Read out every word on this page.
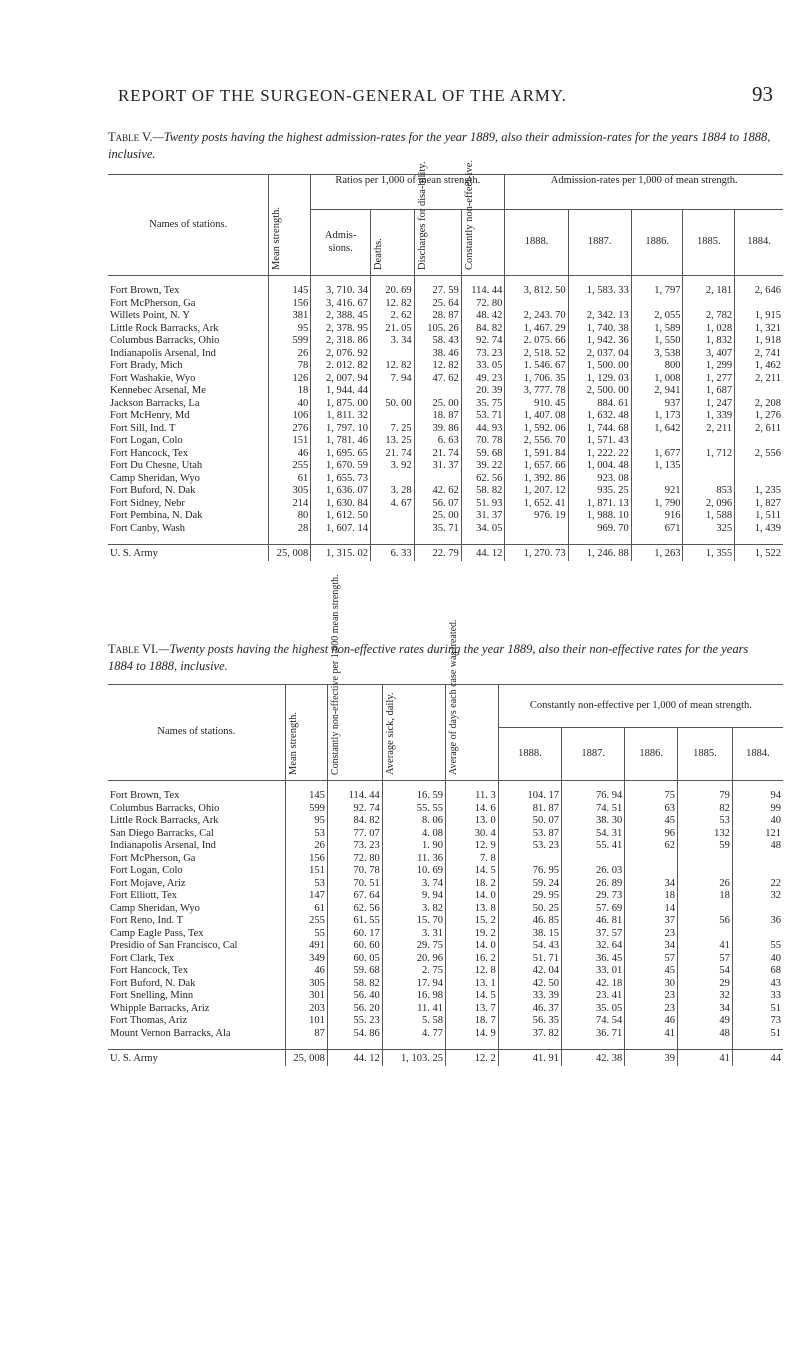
REPORT OF THE SURGEON-GENERAL OF THE ARMY.	93
Table V.—Twenty posts having the highest admission-rates for the year 1889, also their admission-rates for the years 1884 to 1888, inclusive.
Names of stations.	Mean strength.	Ratios per 1,000 of mean strength.				Admission-rates per 1,000 of mean strength.				
		Admis-sions.	Deaths.	Discharges for disa-bility.	Constantly non-effect-ive.	1888.	1887.	1886.	1885.	1884.

Fort Brown, Tex	145	3, 710. 34	20. 69	27. 59	114. 44	3, 812. 50	1, 583. 33	1, 797	2, 181	2, 646
Fort McPherson, Ga	156	3, 416. 67	12. 82	25. 64	72. 80					
Willets Point, N. Y	381	2, 388. 45	2. 62	28. 87	48. 42	2, 243. 70	2, 342. 13	2, 055	2, 782	1, 915
Little Rock Barracks, Ark	95	2, 378. 95	21. 05	105. 26	84. 82	1, 467. 29	1, 740. 38	1, 589	1, 028	1, 321
Columbus Barracks, Ohio	599	2, 318. 86	3. 34	58. 43	92. 74	2. 075. 66	1, 942. 36	1, 550	1, 832	1, 918
Indianapolis Arsenal, Ind	26	2, 076. 92		38. 46	73. 23	2, 518. 52	2, 037. 04	3, 538	3, 407	2, 741
Fort Brady, Mich	78	2. 012. 82	12. 82	12. 82	33. 05	1. 546. 67	1, 500. 00	800	1, 299	1, 462
Fort Washakie, Wyo	126	2, 007. 94	7. 94	47. 62	49. 23	1, 706. 35	1, 129. 03	1, 008	1, 277	2, 211
Kennebec Arsenal, Me	18	1, 944. 44			20. 39	3, 777. 78	2, 500. 00	2, 941	1, 687	
Jackson Barracks, La	40	1, 875. 00	50. 00	25. 00	35. 75	910. 45	884. 61	937	1, 247	2, 208
Fort McHenry, Md	106	1, 811. 32		18. 87	53. 71	1, 407. 08	1, 632. 48	1, 173	1, 339	1, 276
Fort Sill, Ind. T	276	1, 797. 10	7. 25	39. 86	44. 93	1, 592. 06	1, 744. 68	1, 642	2, 211	2, 611
Fort Logan, Colo	151	1, 781. 46	13. 25	6. 63	70. 78	2, 556. 70	1, 571. 43			
Fort Hancock, Tex	46	1, 695. 65	21. 74	21. 74	59. 68	1, 591. 84	1, 222. 22	1, 677	1, 712	2, 556
Fort Du Chesne, Utah	255	1, 670. 59	3. 92	31. 37	39. 22	1, 657. 66	1, 004. 48	1, 135		
Camp Sheridan, Wyo	61	1, 655. 73			62. 56	1, 392. 86	923. 08			
Fort Buford, N. Dak	305	1, 636. 07	3. 28	42. 62	58. 82	1, 207. 12	935. 25	921	853	1, 235
Fort Sidney, Nebr	214	1, 630. 84	4. 67	56. 07	51. 93	1, 652. 41	1, 871. 13	1, 790	2, 096	1, 827
Fort Pembina, N. Dak	80	1, 612. 50		25. 00	31. 37	976. 19	1, 988. 10	916	1, 588	1, 511
Fort Canby, Wash	28	1, 607. 14		35. 71	34. 05		969. 70	671	325	1, 439

U. S. Army	25, 008	1, 315. 02	6. 33	22. 79	44. 12	1, 270. 73	1, 246. 88	1, 263	1, 355	1, 522
Table VI.—Twenty posts having the highest non-effective rates during the year 1889, also their non-effective rates for the years 1884 to 1888, inclusive.
Names of stations.	Mean strength.	Constantly non-effective per 1,000 mean strength.	Average sick, daily.	Average of days each case was treated.	Constantly non-effective per 1,000 of mean strength.				
					1888.	1887.	1886.	1885.	1884.

Fort Brown, Tex	145	114. 44	16. 59	11. 3	104. 17	76. 94	75	79	94
Columbus Barracks, Ohio	599	92. 74	55. 55	14. 6	81. 87	74. 51	63	82	99
Little Rock Barracks, Ark	95	84. 82	8. 06	13. 0	50. 07	38. 30	45	53	40
San Diego Barracks, Cal	53	77. 07	4. 08	30. 4	53. 87	54. 31	96	132	121
Indianapolis Arsenal, Ind	26	73. 23	1. 90	12. 9	53. 23	55. 41	62	59	48
Fort McPherson, Ga	156	72. 80	11. 36	7. 8					
Fort Logan, Colo	151	70. 78	10. 69	14. 5	76. 95	26. 03			
Fort Mojave, Ariz	53	70. 51	3. 74	18. 2	59. 24	26. 89	34	26	22
Fort Elliott, Tex	147	67. 64	9. 94	14. 0	29. 95	29. 73	18	18	32
Camp Sheridan, Wyo	61	62. 56	3. 82	13. 8	50. 25	57. 69	14		
Fort Reno, Ind. T	255	61. 55	15. 70	15. 2	46. 85	46. 81	37	56	36
Camp Eagle Pass, Tex	55	60. 17	3. 31	19. 2	38. 15	37. 57	23		
Presidio of San Francisco, Cal	491	60. 60	29. 75	14. 0	54. 43	32. 64	34	41	55
Fort Clark, Tex	349	60. 05	20. 96	16. 2	51. 71	36. 45	57	57	40
Fort Hancock, Tex	46	59. 68	2. 75	12. 8	42. 04	33. 01	45	54	68
Fort Buford, N. Dak	305	58. 82	17. 94	13. 1	42. 50	42. 18	30	29	43
Fort Snelling, Minn	301	56. 40	16. 98	14. 5	33. 39	23. 41	23	32	33
Whipple Barracks, Ariz	203	56. 20	11. 41	13. 7	46. 37	35. 05	23	34	51
Fort Thomas, Ariz	101	55. 23	5. 58	18. 7	56. 35	74. 54	46	49	73
Mount Vernon Barracks, Ala	87	54. 86	4. 77	14. 9	37. 82	36. 71	41	48	51

U. S. Army	25, 008	44. 12	1, 103. 25	12. 2	41. 91	42. 38	39	41	44
